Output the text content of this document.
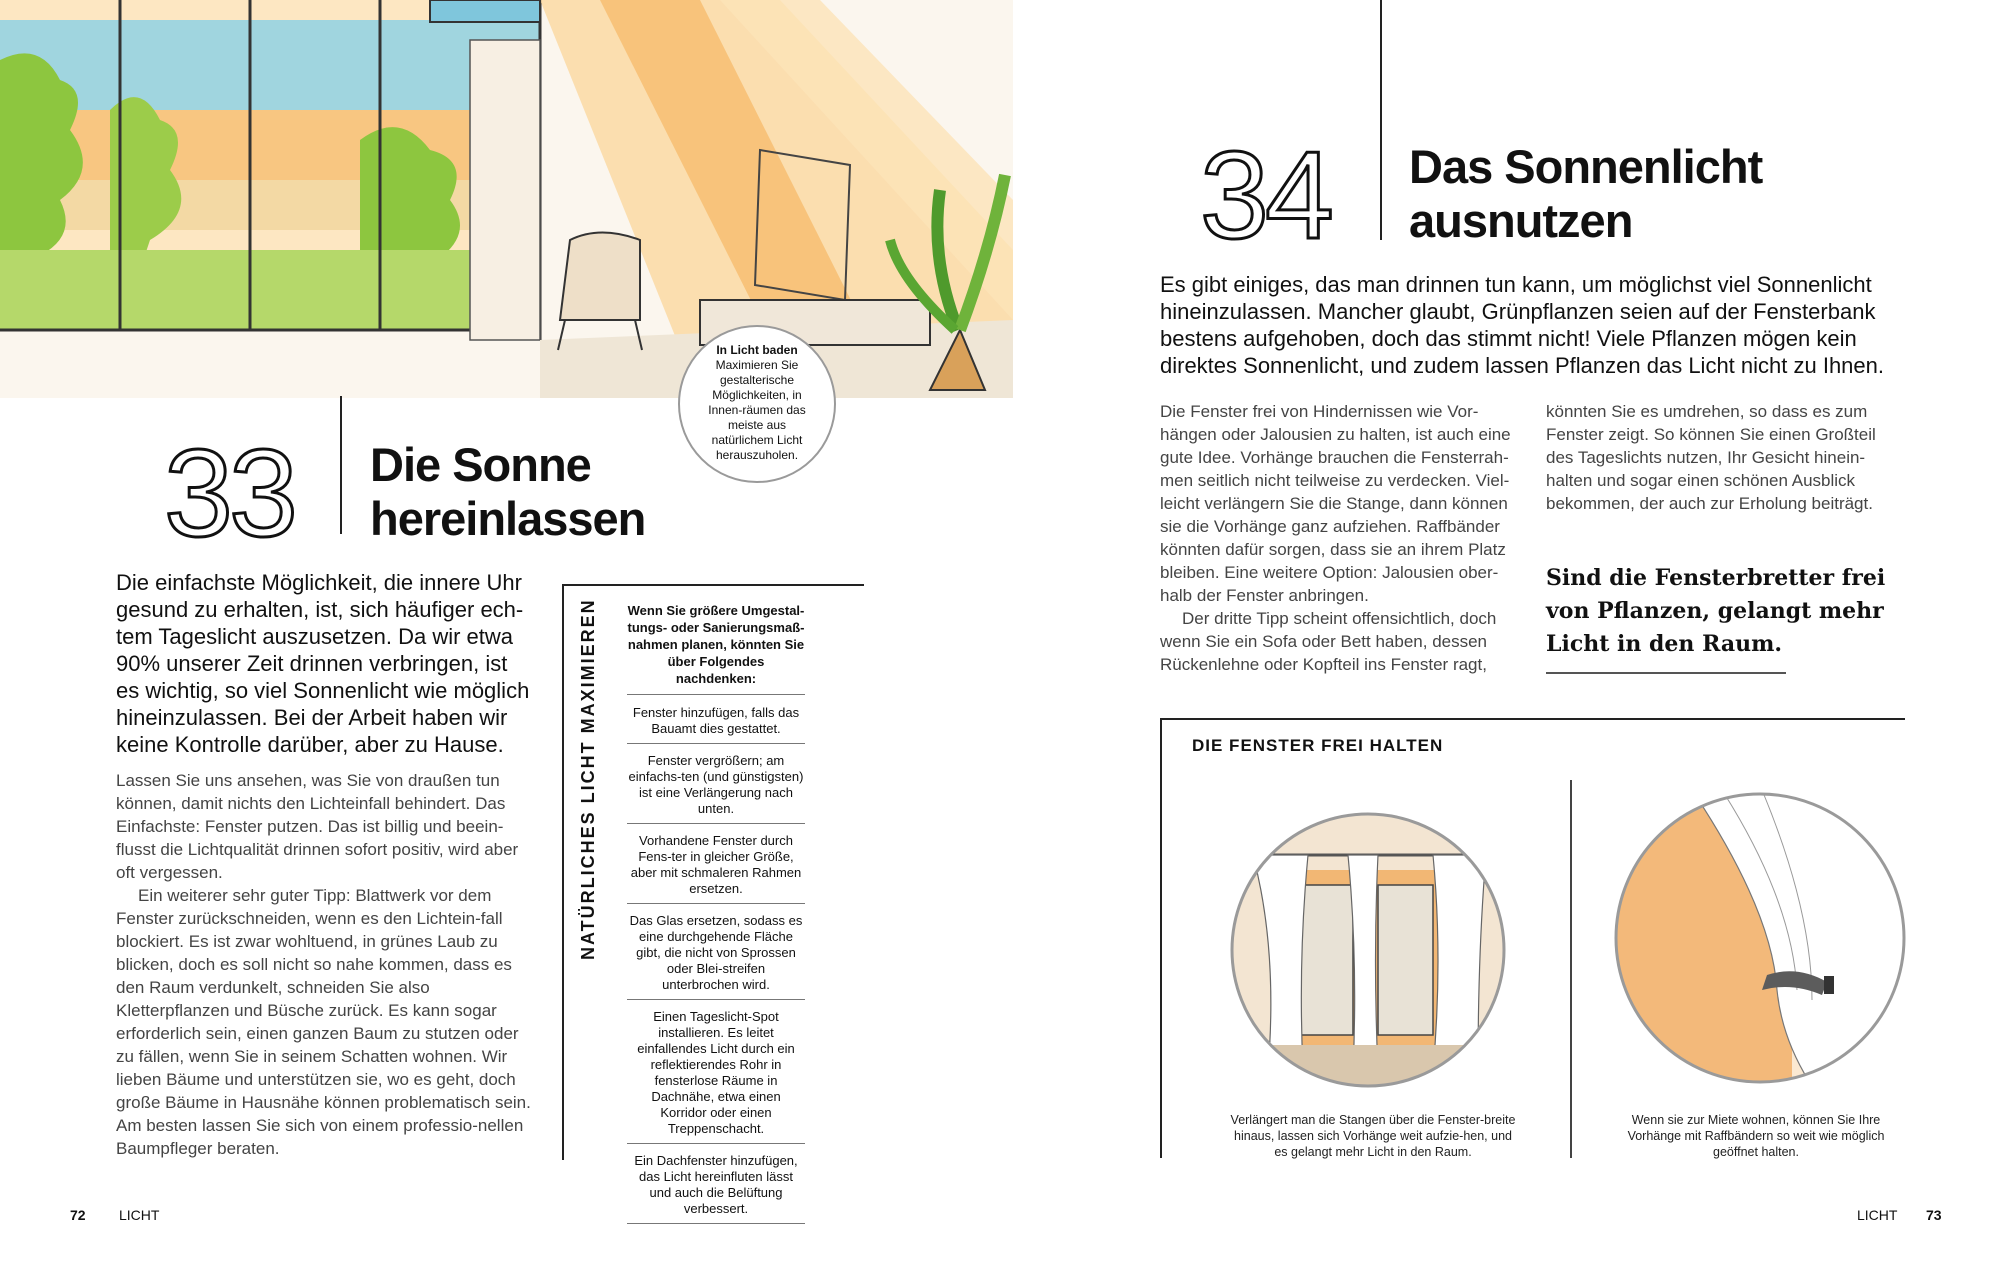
In Licht baden
Maximieren Sie gestalterische Möglichkeiten, in Innen-räumen das meiste aus natürlichem Licht herauszuholen.
33 Die Sonne
hereinlassen
Die einfachste Möglichkeit, die innere Uhr gesund zu erhalten, ist, sich häufiger ech-tem Tageslicht auszusetzen. Da wir etwa 90% unserer Zeit drinnen verbringen, ist es wichtig, so viel Sonnenlicht wie möglich hineinzulassen. Bei der Arbeit haben wir keine Kontrolle darüber, aber zu Hause.

Lassen Sie uns ansehen, was Sie von draußen tun können, damit nichts den Lichteinfall behindert. Das Einfachste: Fenster putzen. Das ist billig und beein-flusst die Lichtqualität drinnen sofort positiv, wird aber oft vergessen.

Ein weiterer sehr guter Tipp: Blattwerk vor dem Fenster zurückschneiden, wenn es den Lichtein-fall blockiert. Es ist zwar wohltuend, in grünes Laub zu blicken, doch es soll nicht so nahe kommen, dass es den Raum verdunkelt, schneiden Sie also Kletterpflanzen und Büsche zurück. Es kann sogar erforderlich sein, einen ganzen Baum zu stutzen oder zu fällen, wenn Sie in seinem Schatten wohnen. Wir lieben Bäume und unterstützen sie, wo es geht, doch große Bäume in Hausnähe können problematisch sein. Am besten lassen Sie sich von einem professio-nellen Baumpfleger beraten.

NATÜRLICHES LICHT MAXIMIEREN Wenn Sie größere Umgestal-tungs- oder Sanierungsmaß-nahmen planen, könnten Sie über Folgendes nachdenken:
Fenster hinzufügen, falls das Bauamt dies gestattet.
Fenster vergrößern; am einfachs-ten (und günstigsten) ist eine Verlängerung nach unten.
Vorhandene Fenster durch Fens-ter in gleicher Größe, aber mit schmaleren Rahmen ersetzen.
Das Glas ersetzen, sodass es eine durchgehende Fläche gibt, die nicht von Sprossen oder Blei-streifen unterbrochen wird.
Einen Tageslicht-Spot installieren. Es leitet einfallendes Licht durch ein reflektierendes Rohr in fensterlose Räume in Dachnähe, etwa einen Korridor oder einen Treppenschacht.
Ein Dachfenster hinzufügen, das Licht hereinfluten lässt und auch die Belüftung verbessert.
72 LICHT
34 Das Sonnenlicht
ausnutzen
Es gibt einiges, das man drinnen tun kann, um möglichst viel Sonnenlicht hineinzulassen. Mancher glaubt, Grünpflanzen seien auf der Fensterbank bestens aufgehoben, doch das stimmt nicht! Viele Pflanzen mögen kein direktes Sonnenlicht, und zudem lassen Pflanzen das Licht nicht zu Ihnen.

Die Fenster frei von Hindernissen wie Vor-hängen oder Jalousien zu halten, ist auch eine gute Idee. Vorhänge brauchen die Fensterrah-men seitlich nicht teilweise zu verdecken. Viel-leicht verlängern Sie die Stange, dann können sie die Vorhänge ganz aufziehen. Raffbänder könnten dafür sorgen, dass sie an ihrem Platz bleiben. Eine weitere Option: Jalousien ober-halb der Fenster anbringen.

Der dritte Tipp scheint offensichtlich, doch wenn Sie ein Sofa oder Bett haben, dessen Rückenlehne oder Kopfteil ins Fenster ragt,

könnten Sie es umdrehen, so dass es zum Fenster zeigt. So können Sie einen Großteil des Tageslichts nutzen, Ihr Gesicht hinein-halten und sogar einen schönen Ausblick bekommen, der auch zur Erholung beiträgt.
Sind die Fensterbretter frei von Pflanzen, gelangt mehr Licht in den Raum.
DIE FENSTER FREI HALTEN
Verlängert man die Stangen über die Fenster-breite hinaus, lassen sich Vorhänge weit aufzie-hen, und es gelangt mehr Licht in den Raum.
Wenn sie zur Miete wohnen, können Sie Ihre Vorhänge mit Raffbändern so weit wie möglich geöffnet halten.
LICHT 73
